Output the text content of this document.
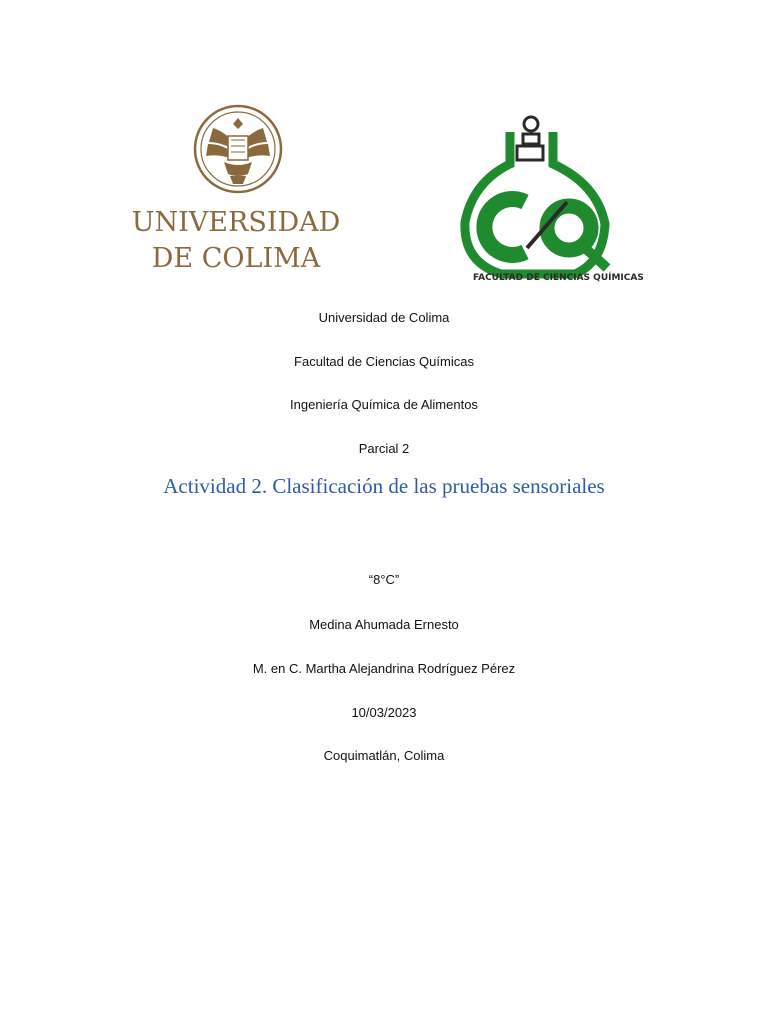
UNIVERSIDAD
DE COLIMA
FACULTAD DE CIENCIAS QUÍMICAS
Universidad de Colima
Facultad de Ciencias Químicas
Ingeniería Química de Alimentos
Parcial 2
Actividad 2. Clasificación de las pruebas sensoriales
“8°C”
Medina Ahumada Ernesto
M. en C. Martha Alejandrina Rodríguez Pérez
10/03/2023
Coquimatlán, Colima
